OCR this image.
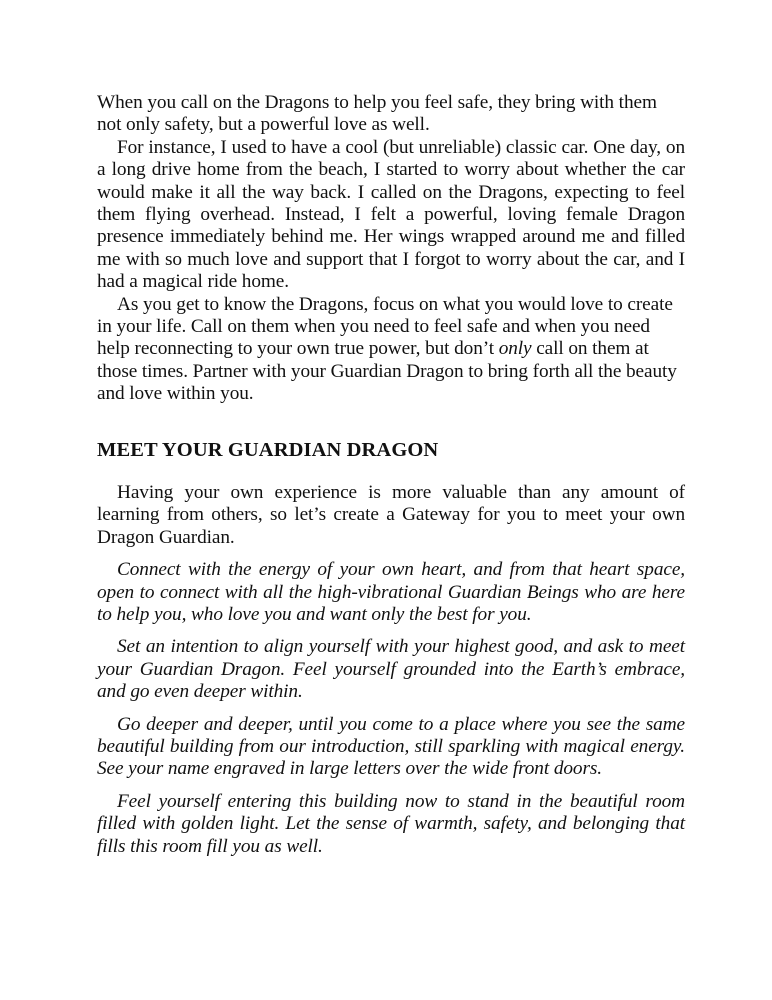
When you call on the Dragons to help you feel safe, they bring with them not only safety, but a powerful love as well.

For instance, I used to have a cool (but unreliable) classic car. One day, on a long drive home from the beach, I started to worry about whether the car would make it all the way back. I called on the Dragons, expecting to feel them flying overhead. Instead, I felt a powerful, loving female Dragon presence immediately behind me. Her wings wrapped around me and filled me with so much love and support that I forgot to worry about the car, and I had a magical ride home.

As you get to know the Dragons, focus on what you would love to create in your life. Call on them when you need to feel safe and when you need help reconnecting to your own true power, but don’t only call on them at those times. Partner with your Guardian Dragon to bring forth all the beauty and love within you.

MEET YOUR GUARDIAN DRAGON

Having your own experience is more valuable than any amount of learning from others, so let’s create a Gateway for you to meet your own Dragon Guardian.

Connect with the energy of your own heart, and from that heart space, open to connect with all the high-vibrational Guardian Beings who are here to help you, who love you and want only the best for you.

Set an intention to align yourself with your highest good, and ask to meet your Guardian Dragon. Feel yourself grounded into the Earth’s embrace, and go even deeper within.

Go deeper and deeper, until you come to a place where you see the same beautiful building from our introduction, still sparkling with magical energy. See your name engraved in large letters over the wide front doors.

Feel yourself entering this building now to stand in the beautiful room filled with golden light. Let the sense of warmth, safety, and belonging that fills this room fill you as well.
